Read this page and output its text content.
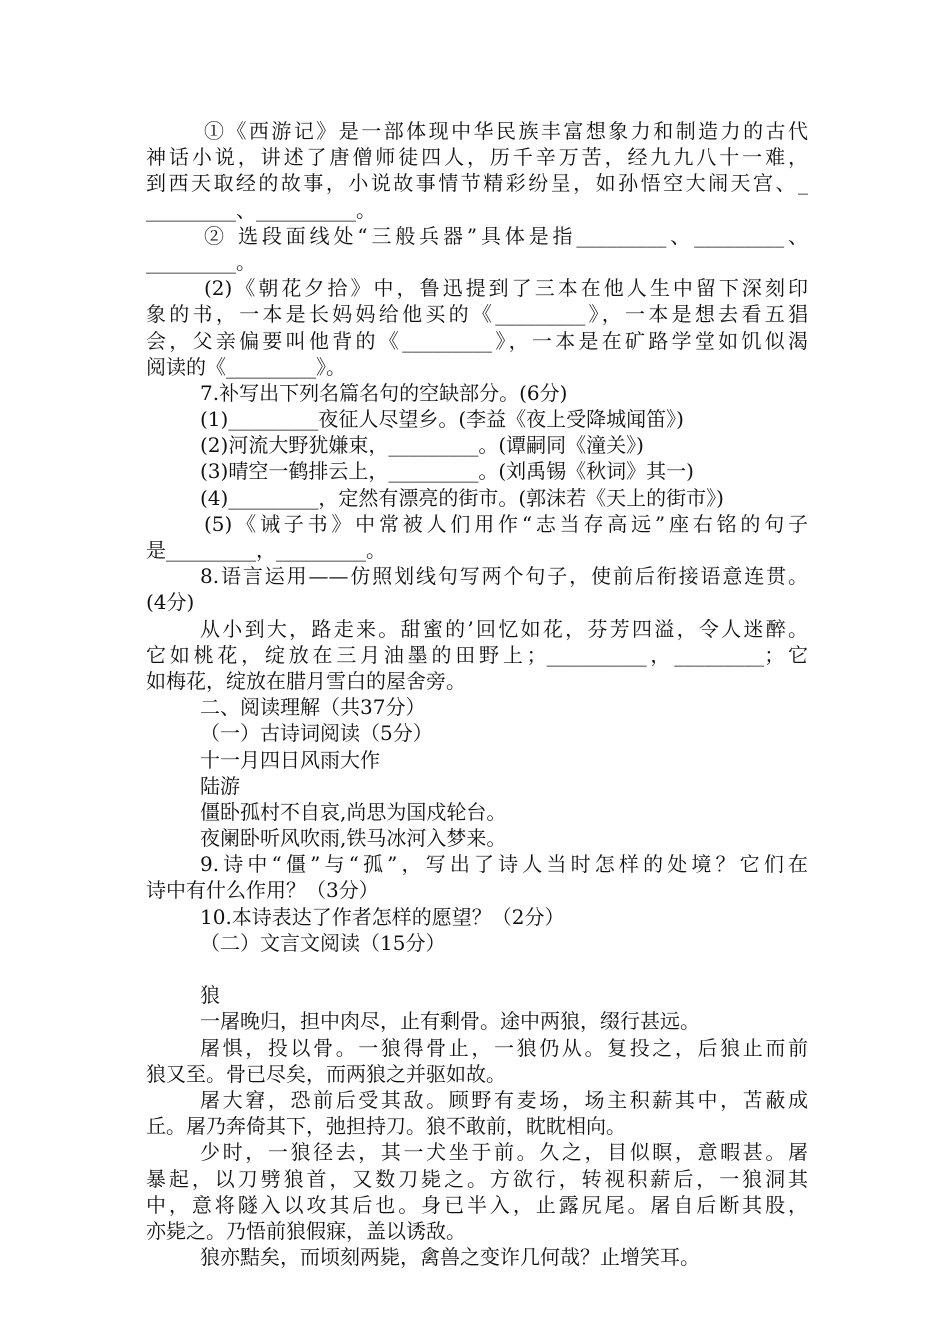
①《西游记》是一部体现中华民族丰富想象力和制造力的古代
神话小说，讲述了唐僧师徒四人，历千辛万苦，经九九八十一难，
到西天取经的故事，小说故事情节精彩纷呈，如孙悟空大闹天宫、_
_________、__________。
② 选段面线处“三般兵器”具体是指_________、_________、
_________。
(2)《朝花夕拾》中，鲁迅提到了三本在他人生中留下深刻印
象的书，一本是长妈妈给他买的《_________》，一本是想去看五猖
会，父亲偏要叫他背的《_________》，一本是在矿路学堂如饥似渴
阅读的《_________》。
7.补写出下列名篇名句的空缺部分。(6分)
(1)_________夜征人尽望乡。(李益《夜上受降城闻笛》)
(2)河流大野犹嫌束，_________。(谭嗣同《潼关》)
(3)晴空一鹤排云上，_________。(刘禹锡《秋词》其一)
(4)_________，定然有漂亮的街市。(郭沫若《天上的街市》)
(5)《诫子书》中常被人们用作“志当存高远”座右铭的句子
是_________，_________。
8.语言运用——仿照划线句写两个句子，使前后衔接语意连贯。
(4分)
从小到大，路走来。甜蜜的’回忆如花，芬芳四溢，令人迷醉。
它如桃花，绽放在三月油墨的田野上；__________，_________；它
如梅花，绽放在腊月雪白的屋舍旁。
二、阅读理解（共37分）
（一）古诗词阅读（5分）
十一月四日风雨大作
陆游
僵卧孤村不自哀,尚思为国戍轮台。
夜阑卧听风吹雨,铁马冰河入梦来。
9.诗中“僵”与“孤”，写出了诗人当时怎样的处境？它们在
诗中有什么作用？（3分）
10.本诗表达了作者怎样的愿望？（2分）
（二）文言文阅读（15分）
狼
一屠晚归，担中肉尽，止有剩骨。途中两狼，缀行甚远。
屠惧，投以骨。一狼得骨止，一狼仍从。复投之，后狼止而前
狼又至。骨已尽矣，而两狼之并驱如故。
屠大窘，恐前后受其敌。顾野有麦场，场主积薪其中，苫蔽成
丘。屠乃奔倚其下，弛担持刀。狼不敢前，眈眈相向。
少时，一狼径去，其一犬坐于前。久之，目似瞑，意暇甚。屠
暴起，以刀劈狼首，又数刀毙之。方欲行，转视积薪后，一狼洞其
中，意将隧入以攻其后也。身已半入，止露尻尾。屠自后断其股，
亦毙之。乃悟前狼假寐，盖以诱敌。
狼亦黠矣，而顷刻两毙，禽兽之变诈几何哉？止增笑耳。
